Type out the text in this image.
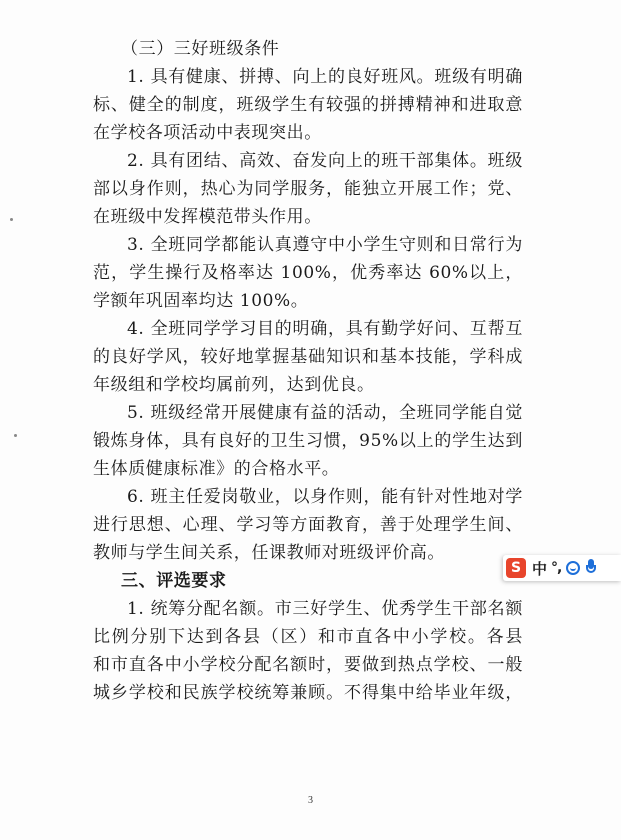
（三）三好班级条件
1. 具有健康、拼搏、向上的良好班风。班级有明确
标、健全的制度，班级学生有较强的拼搏精神和进取意
在学校各项活动中表现突出。
2. 具有团结、高效、奋发向上的班干部集体。班级
部以身作则，热心为同学服务，能独立开展工作；党、
在班级中发挥模范带头作用。
3. 全班同学都能认真遵守中小学生守则和日常行为
范，学生操行及格率达 100%，优秀率达 60%以上，
学额年巩固率均达 100%。
4. 全班同学学习目的明确，具有勤学好问、互帮互
的良好学风，较好地掌握基础知识和基本技能，学科成
年级组和学校均属前列，达到优良。
5. 班级经常开展健康有益的活动，全班同学能自觉
锻炼身体，具有良好的卫生习惯，95%以上的学生达到
生体质健康标准》的合格水平。
6. 班主任爱岗敬业，以身作则，能有针对性地对学
进行思想、心理、学习等方面教育，善于处理学生间、
教师与学生间关系，任课教师对班级评价高。
三、评选要求
1. 统筹分配名额。市三好学生、优秀学生干部名额
比例分别下达到各县（区）和市直各中小学校。各县
和市直各中小学校分配名额时，要做到热点学校、一般
城乡学校和民族学校统筹兼顾。不得集中给毕业年级，
3
S 中 °,
